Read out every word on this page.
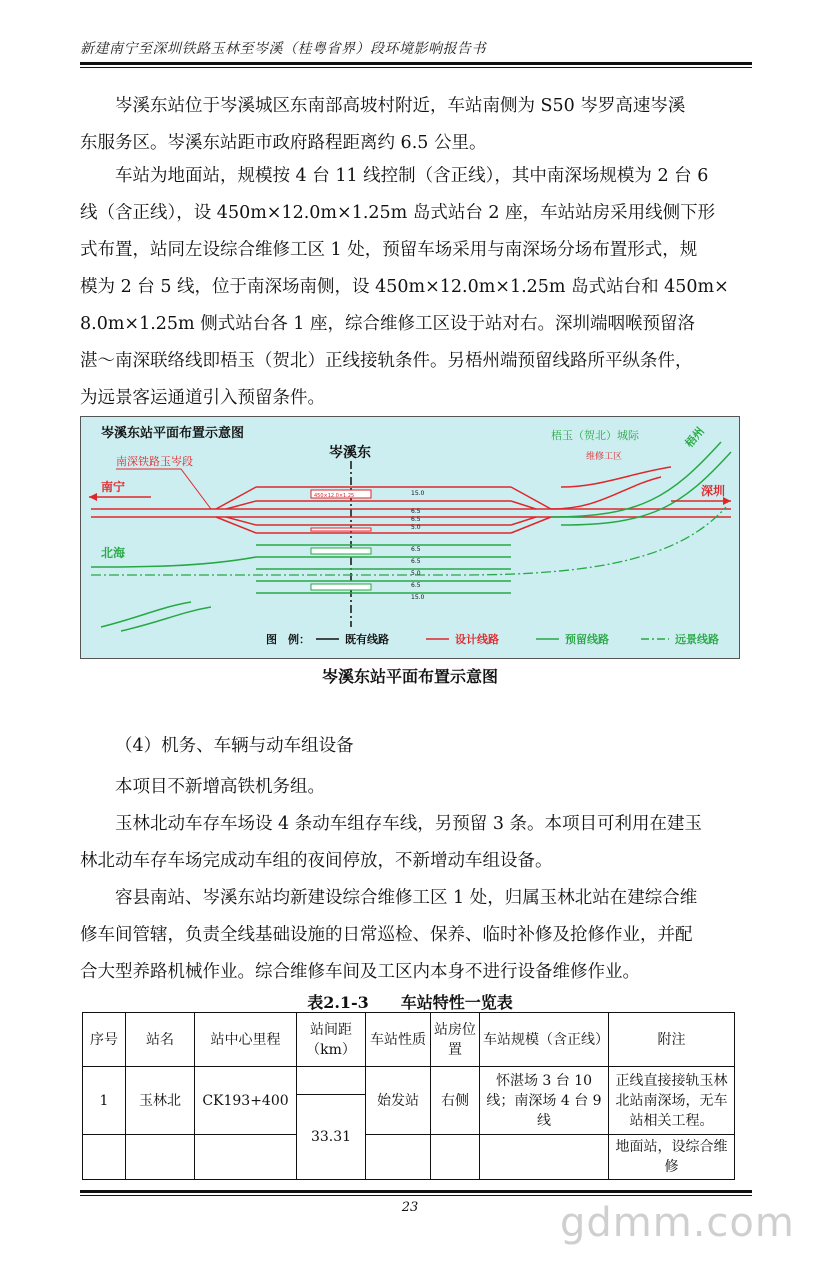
新建南宁至深圳铁路玉林至岑溪（桂粤省界）段环境影响报告书

岑溪东站位于岑溪城区东南部高坡村附近，车站南侧为 S50 岑罗高速岑溪
东服务区。岑溪东站距市政府路程距离约 6.5 公里。

车站为地面站，规模按 4 台 11 线控制（含正线），其中南深场规模为 2 台 6
线（含正线），设 450m×12.0m×1.25m 岛式站台 2 座，车站站房采用线侧下形
式布置，站同左设综合维修工区 1 处，预留车场采用与南深场分场布置形式，规
模为 2 台 5 线，位于南深场南侧，设 450m×12.0m×1.25m 岛式站台和 450m×
8.0m×1.25m 侧式站台各 1 座，综合维修工区设于站对右。深圳端咽喉预留洛
湛～南深联络线即梧玉（贺北）正线接轨条件。另梧州端预留线路所平纵条件，
为远景客运通道引入预留条件。

岑溪东站平面布置示意图
岑溪东
南深铁路玉岑段
南宁
梧玉（贺北）城际
维修工区
深圳
梧州
450×12.0×1.25
北海
15.0
6.5
6.5
5.0
6.5
6.5
5.0
6.5
15.0
图　例：	既有线路	设计线路	预留线路	远景线路
岑溪东站平面布置示意图
（4）机务、车辆与动车组设备

本项目不新增高铁机务组。

玉林北动车存车场设 4 条动车组存车线，另预留 3 条。本项目可利用在建玉
林北动车存车场完成动车组的夜间停放，不新增动车组设备。

容县南站、岑溪东站均新建设综合维修工区 1 处，归属玉林北站在建综合维
修车间管辖，负责全线基础设施的日常巡检、保养、临时补修及抢修作业，并配
合大型养路机械作业。综合维修车间及工区内本身不进行设备维修作业。

表2.1-3　　车站特性一览表
序号	站名	站中心里程	站间距（km）	车站性质	站房位置	车站规模（含正线）	附注
1	玉林北	CK193+400		始发站	右侧	怀湛场 3 台 10 线；南深场 4 台 9 线	正线直接接轨玉林北站南深场，无车站相关工程。
			33.31				
							地面站，设综合维修
23	gdmm.com
